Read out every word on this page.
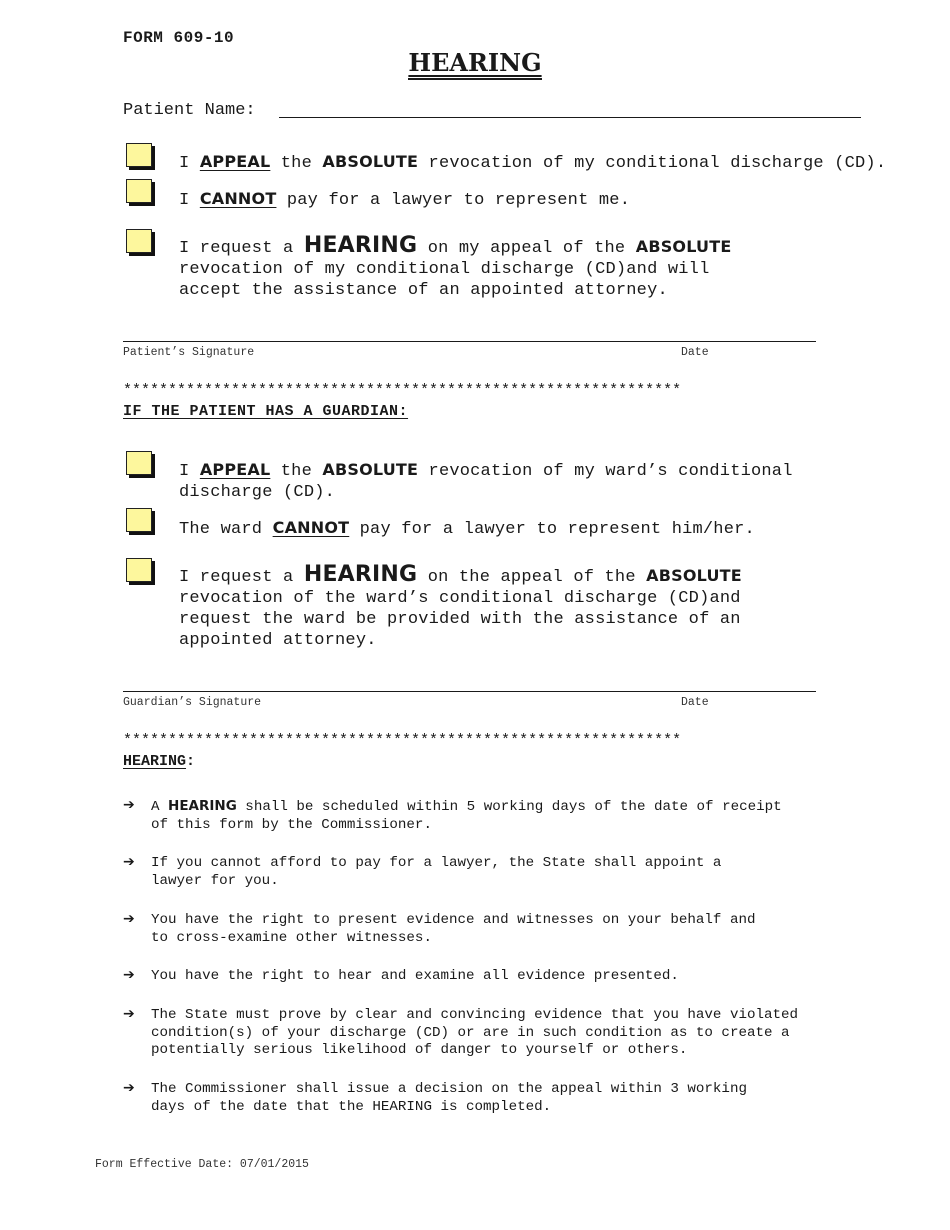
FORM 609-10
HEARING
Patient Name:
I APPEAL the ABSOLUTE revocation of my conditional discharge (CD).
I CANNOT pay for a lawyer to represent me.
I request a HEARING on my appeal of the ABSOLUTE
revocation of my conditional discharge (CD)and will
accept the assistance of an appointed attorney.
Patient’s Signature	Date
**************************************************************
IF THE PATIENT HAS A GUARDIAN:
I APPEAL the ABSOLUTE revocation of my ward’s conditional
discharge (CD).
The ward CANNOT pay for a lawyer to represent him/her.
I request a HEARING on the appeal of the ABSOLUTE
revocation of the ward’s conditional discharge (CD)and
request the ward be provided with the assistance of an
appointed attorney.
Guardian’s Signature	Date
**************************************************************
HEARING:
➔ A HEARING shall be scheduled within 5 working days of the date of receipt
of this form by the Commissioner.
➔ If you cannot afford to pay for a lawyer, the State shall appoint a
lawyer for you.
➔ You have the right to present evidence and witnesses on your behalf and
to cross-examine other witnesses.
➔ You have the right to hear and examine all evidence presented.
➔ The State must prove by clear and convincing evidence that you have violated
condition(s) of your discharge (CD) or are in such condition as to create a
potentially serious likelihood of danger to yourself or others.
➔ The Commissioner shall issue a decision on the appeal within 3 working
days of the date that the HEARING is completed.
Form Effective Date: 07/01/2015
